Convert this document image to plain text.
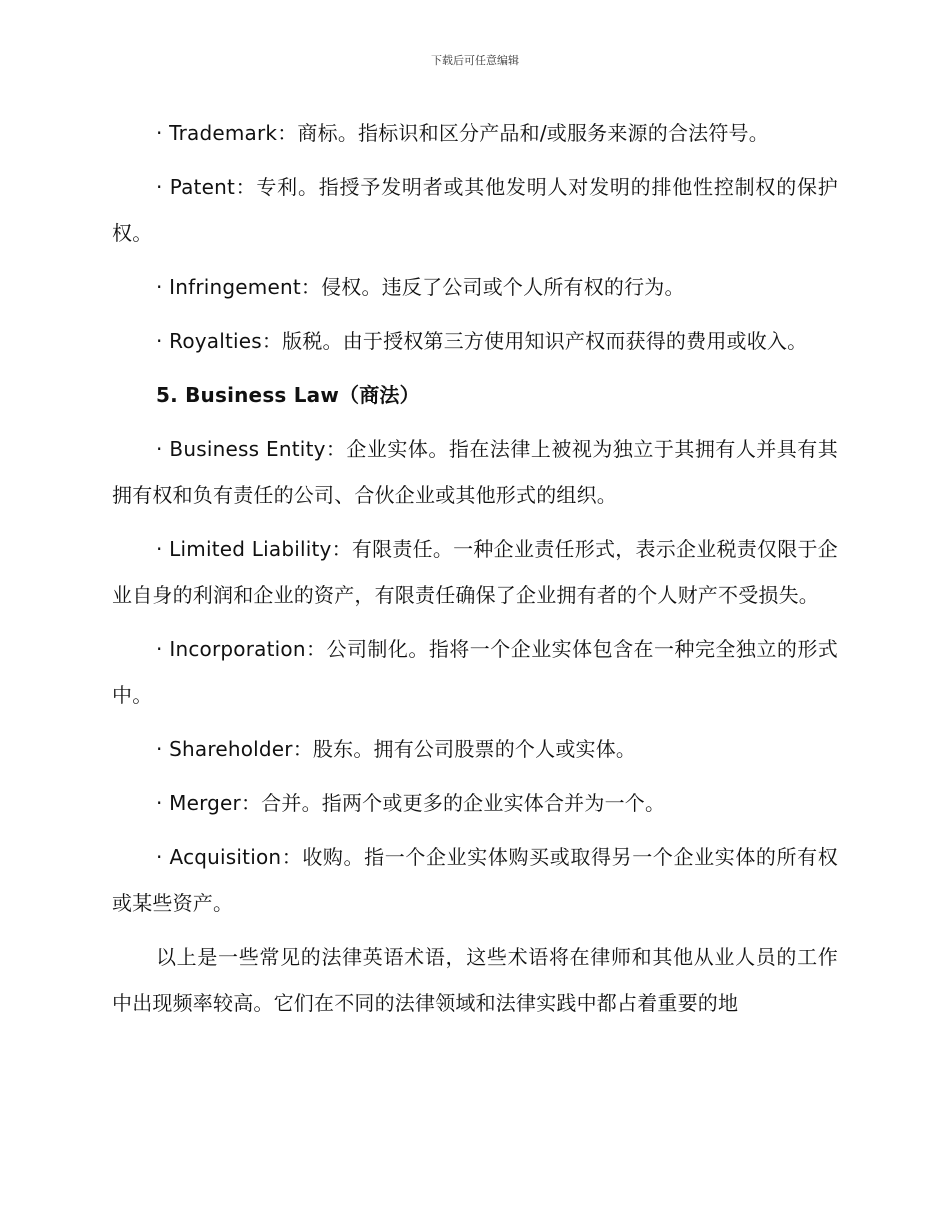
下载后可任意编辑

· Trademark：商标。指标识和区分产品和/或服务来源的合法符号。

· Patent：专利。指授予发明者或其他发明人对发明的排他性控制权的保护权。

· Infringement：侵权。违反了公司或个人所有权的行为。

· Royalties：版税。由于授权第三方使用知识产权而获得的费用或收入。

5. Business Law（商法）

· Business Entity：企业实体。指在法律上被视为独立于其拥有人并具有其拥有权和负有责任的公司、合伙企业或其他形式的组织。

· Limited Liability：有限责任。一种企业责任形式，表示企业税责仅限于企业自身的利润和企业的资产，有限责任确保了企业拥有者的个人财产不受损失。

· Incorporation：公司制化。指将一个企业实体包含在一种完全独立的形式中。

· Shareholder：股东。拥有公司股票的个人或实体。

· Merger：合并。指两个或更多的企业实体合并为一个。

· Acquisition：收购。指一个企业实体购买或取得另一个企业实体的所有权或某些资产。

以上是一些常见的法律英语术语，这些术语将在律师和其他从业人员的工作中出现频率较高。它们在不同的法律领域和法律实践中都占着重要的地
